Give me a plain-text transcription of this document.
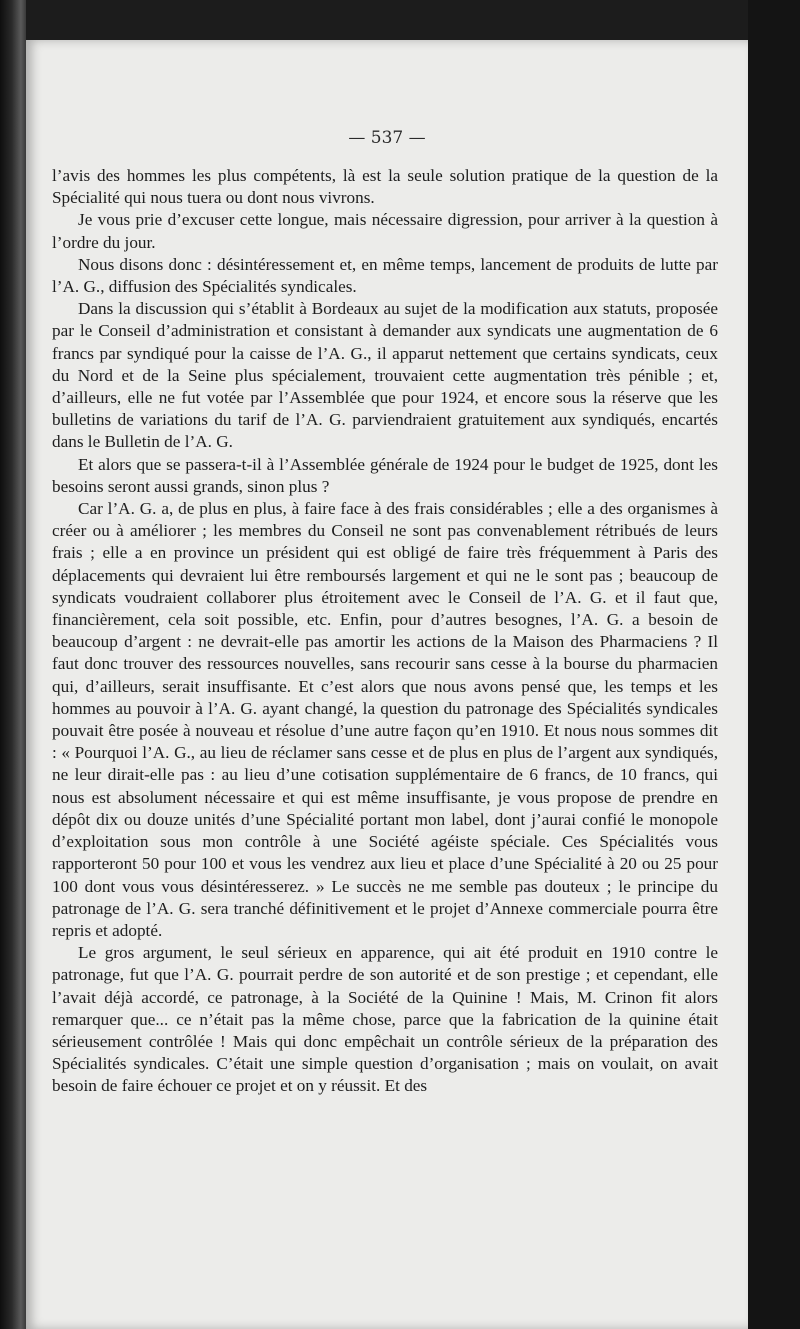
— 537 —

l’avis des hommes les plus compétents, là est la seule solution pratique de la question de la Spécialité qui nous tuera ou dont nous vivrons.

Je vous prie d’excuser cette longue, mais nécessaire digression, pour arriver à la question à l’ordre du jour.

Nous disons donc : désintéressement et, en même temps, lancement de produits de lutte par l’A. G., diffusion des Spécialités syndicales.

Dans la discussion qui s’établit à Bordeaux au sujet de la modification aux statuts, proposée par le Conseil d’administration et consistant à demander aux syndicats une augmentation de 6 francs par syndiqué pour la caisse de l’A. G., il apparut nettement que certains syndicats, ceux du Nord et de la Seine plus spécialement, trouvaient cette augmentation très pénible ; et, d’ailleurs, elle ne fut votée par l’Assemblée que pour 1924, et encore sous la réserve que les bulletins de variations du tarif de l’A. G. parviendraient gratuitement aux syndiqués, encartés dans le Bulletin de l’A. G.

Et alors que se passera-t-il à l’Assemblée générale de 1924 pour le budget de 1925, dont les besoins seront aussi grands, sinon plus ?

Car l’A. G. a, de plus en plus, à faire face à des frais considérables ; elle a des organismes à créer ou à améliorer ; les membres du Conseil ne sont pas convenablement rétribués de leurs frais ; elle a en province un président qui est obligé de faire très fréquemment à Paris des déplacements qui devraient lui être remboursés largement et qui ne le sont pas ; beaucoup de syndicats voudraient collaborer plus étroitement avec le Conseil de l’A. G. et il faut que, financièrement, cela soit possible, etc. Enfin, pour d’autres besognes, l’A. G. a besoin de beaucoup d’argent : ne devrait-elle pas amortir les actions de la Maison des Pharmaciens ? Il faut donc trouver des ressources nouvelles, sans recourir sans cesse à la bourse du pharmacien qui, d’ailleurs, serait insuffisante. Et c’est alors que nous avons pensé que, les temps et les hommes au pouvoir à l’A. G. ayant changé, la question du patronage des Spécialités syndicales pouvait être posée à nouveau et résolue d’une autre façon qu’en 1910. Et nous nous sommes dit : « Pourquoi l’A. G., au lieu de réclamer sans cesse et de plus en plus de l’argent aux syndiqués, ne leur dirait-elle pas : au lieu d’une cotisation supplémentaire de 6 francs, de 10 francs, qui nous est absolument nécessaire et qui est même insuffisante, je vous propose de prendre en dépôt dix ou douze unités d’une Spécialité portant mon label, dont j’aurai confié le monopole d’exploitation sous mon contrôle à une Société agéiste spéciale. Ces Spécialités vous rapporteront 50 pour 100 et vous les vendrez aux lieu et place d’une Spécialité à 20 ou 25 pour 100 dont vous vous désintéresserez. » Le succès ne me semble pas douteux ; le principe du patronage de l’A. G. sera tranché définitivement et le projet d’Annexe commerciale pourra être repris et adopté.

Le gros argument, le seul sérieux en apparence, qui ait été produit en 1910 contre le patronage, fut que l’A. G. pourrait perdre de son autorité et de son prestige ; et cependant, elle l’avait déjà accordé, ce patronage, à la Société de la Quinine ! Mais, M. Crinon fit alors remarquer que... ce n’était pas la même chose, parce que la fabrication de la quinine était sérieusement contrôlée ! Mais qui donc empêchait un contrôle sérieux de la préparation des Spécialités syndicales. C’était une simple question d’organisation ; mais on voulait, on avait besoin de faire échouer ce projet et on y réussit. Et des
